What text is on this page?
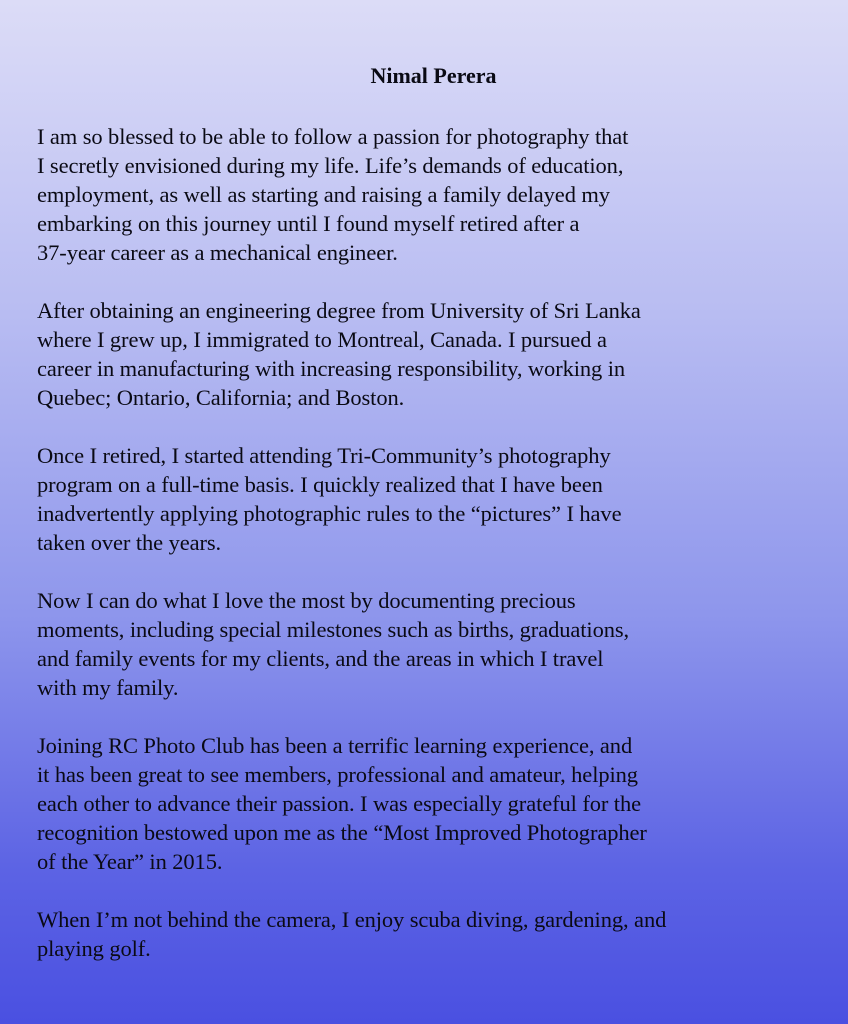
Nimal Perera

I am so blessed to be able to follow a passion for photography that
I secretly envisioned during my life. Life’s demands of education,
employment, as well as starting and raising a family delayed my
embarking on this journey until I found myself retired after a
37-year career as a mechanical engineer.

After obtaining an engineering degree from University of Sri Lanka
where I grew up, I immigrated to Montreal, Canada. I pursued a
career in manufacturing with increasing responsibility, working in
Quebec; Ontario, California; and Boston.

Once I retired, I started attending Tri-Community’s photography
program on a full-time basis. I quickly realized that I have been
inadvertently applying photographic rules to the “pictures” I have
taken over the years.

Now I can do what I love the most by documenting precious
moments, including special milestones such as births, graduations,
and family events for my clients, and the areas in which I travel
with my family.

Joining RC Photo Club has been a terrific learning experience, and
it has been great to see members, professional and amateur, helping
each other to advance their passion. I was especially grateful for the
recognition bestowed upon me as the “Most Improved Photographer
of the Year” in 2015.

When I’m not behind the camera, I enjoy scuba diving, gardening, and
playing golf.
